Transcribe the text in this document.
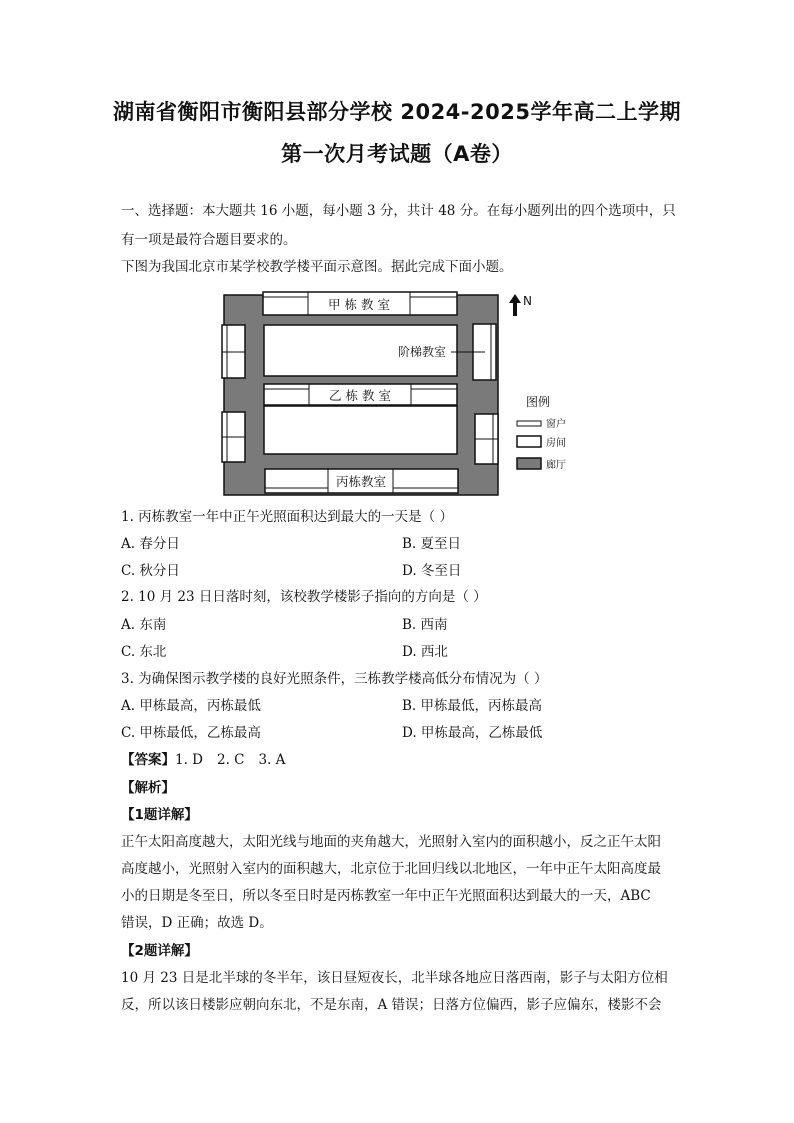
湖南省衡阳市衡阳县部分学校 2024-2025学年高二上学期
第一次月考试题（A卷）
一、选择题：本大题共 16 小题，每小题 3 分，共计 48 分。在每小题列出的四个选项中，只
有一项是最符合题目要求的。
下图为我国北京市某学校教学楼平面示意图。据此完成下面小题。
甲 栋 教 室
阶梯教室
乙 栋 教 室
丙栋教室
N
图例
窗户
房间
廊厅
1. 丙栋教室一年中正午光照面积达到最大的一天是（ ）
A. 春分日	B. 夏至日
C. 秋分日	D. 冬至日
2. 10 月 23 日日落时刻，该校教学楼影子指向的方向是（ ）
A. 东南	B. 西南
C. 东北	D. 西北
3. 为确保图示教学楼的良好光照条件，三栋教学楼高低分布情况为（ ）
A. 甲栋最高，丙栋最低	B. 甲栋最低，丙栋最高
C. 甲栋最低，乙栋最高	D. 甲栋最高，乙栋最低
【答案】1. D 2. C 3. A
【解析】
【1题详解】
正午太阳高度越大，太阳光线与地面的夹角越大，光照射入室内的面积越小，反之正午太阳
高度越小，光照射入室内的面积越大，北京位于北回归线以北地区，一年中正午太阳高度最
小的日期是冬至日，所以冬至日时是丙栋教室一年中正午光照面积达到最大的一天，ABC
错误，D 正确；故选 D。
【2题详解】
10 月 23 日是北半球的冬半年，该日昼短夜长，北半球各地应日落西南，影子与太阳方位相
反，所以该日楼影应朝向东北，不是东南，A 错误；日落方位偏西，影子应偏东，楼影不会
